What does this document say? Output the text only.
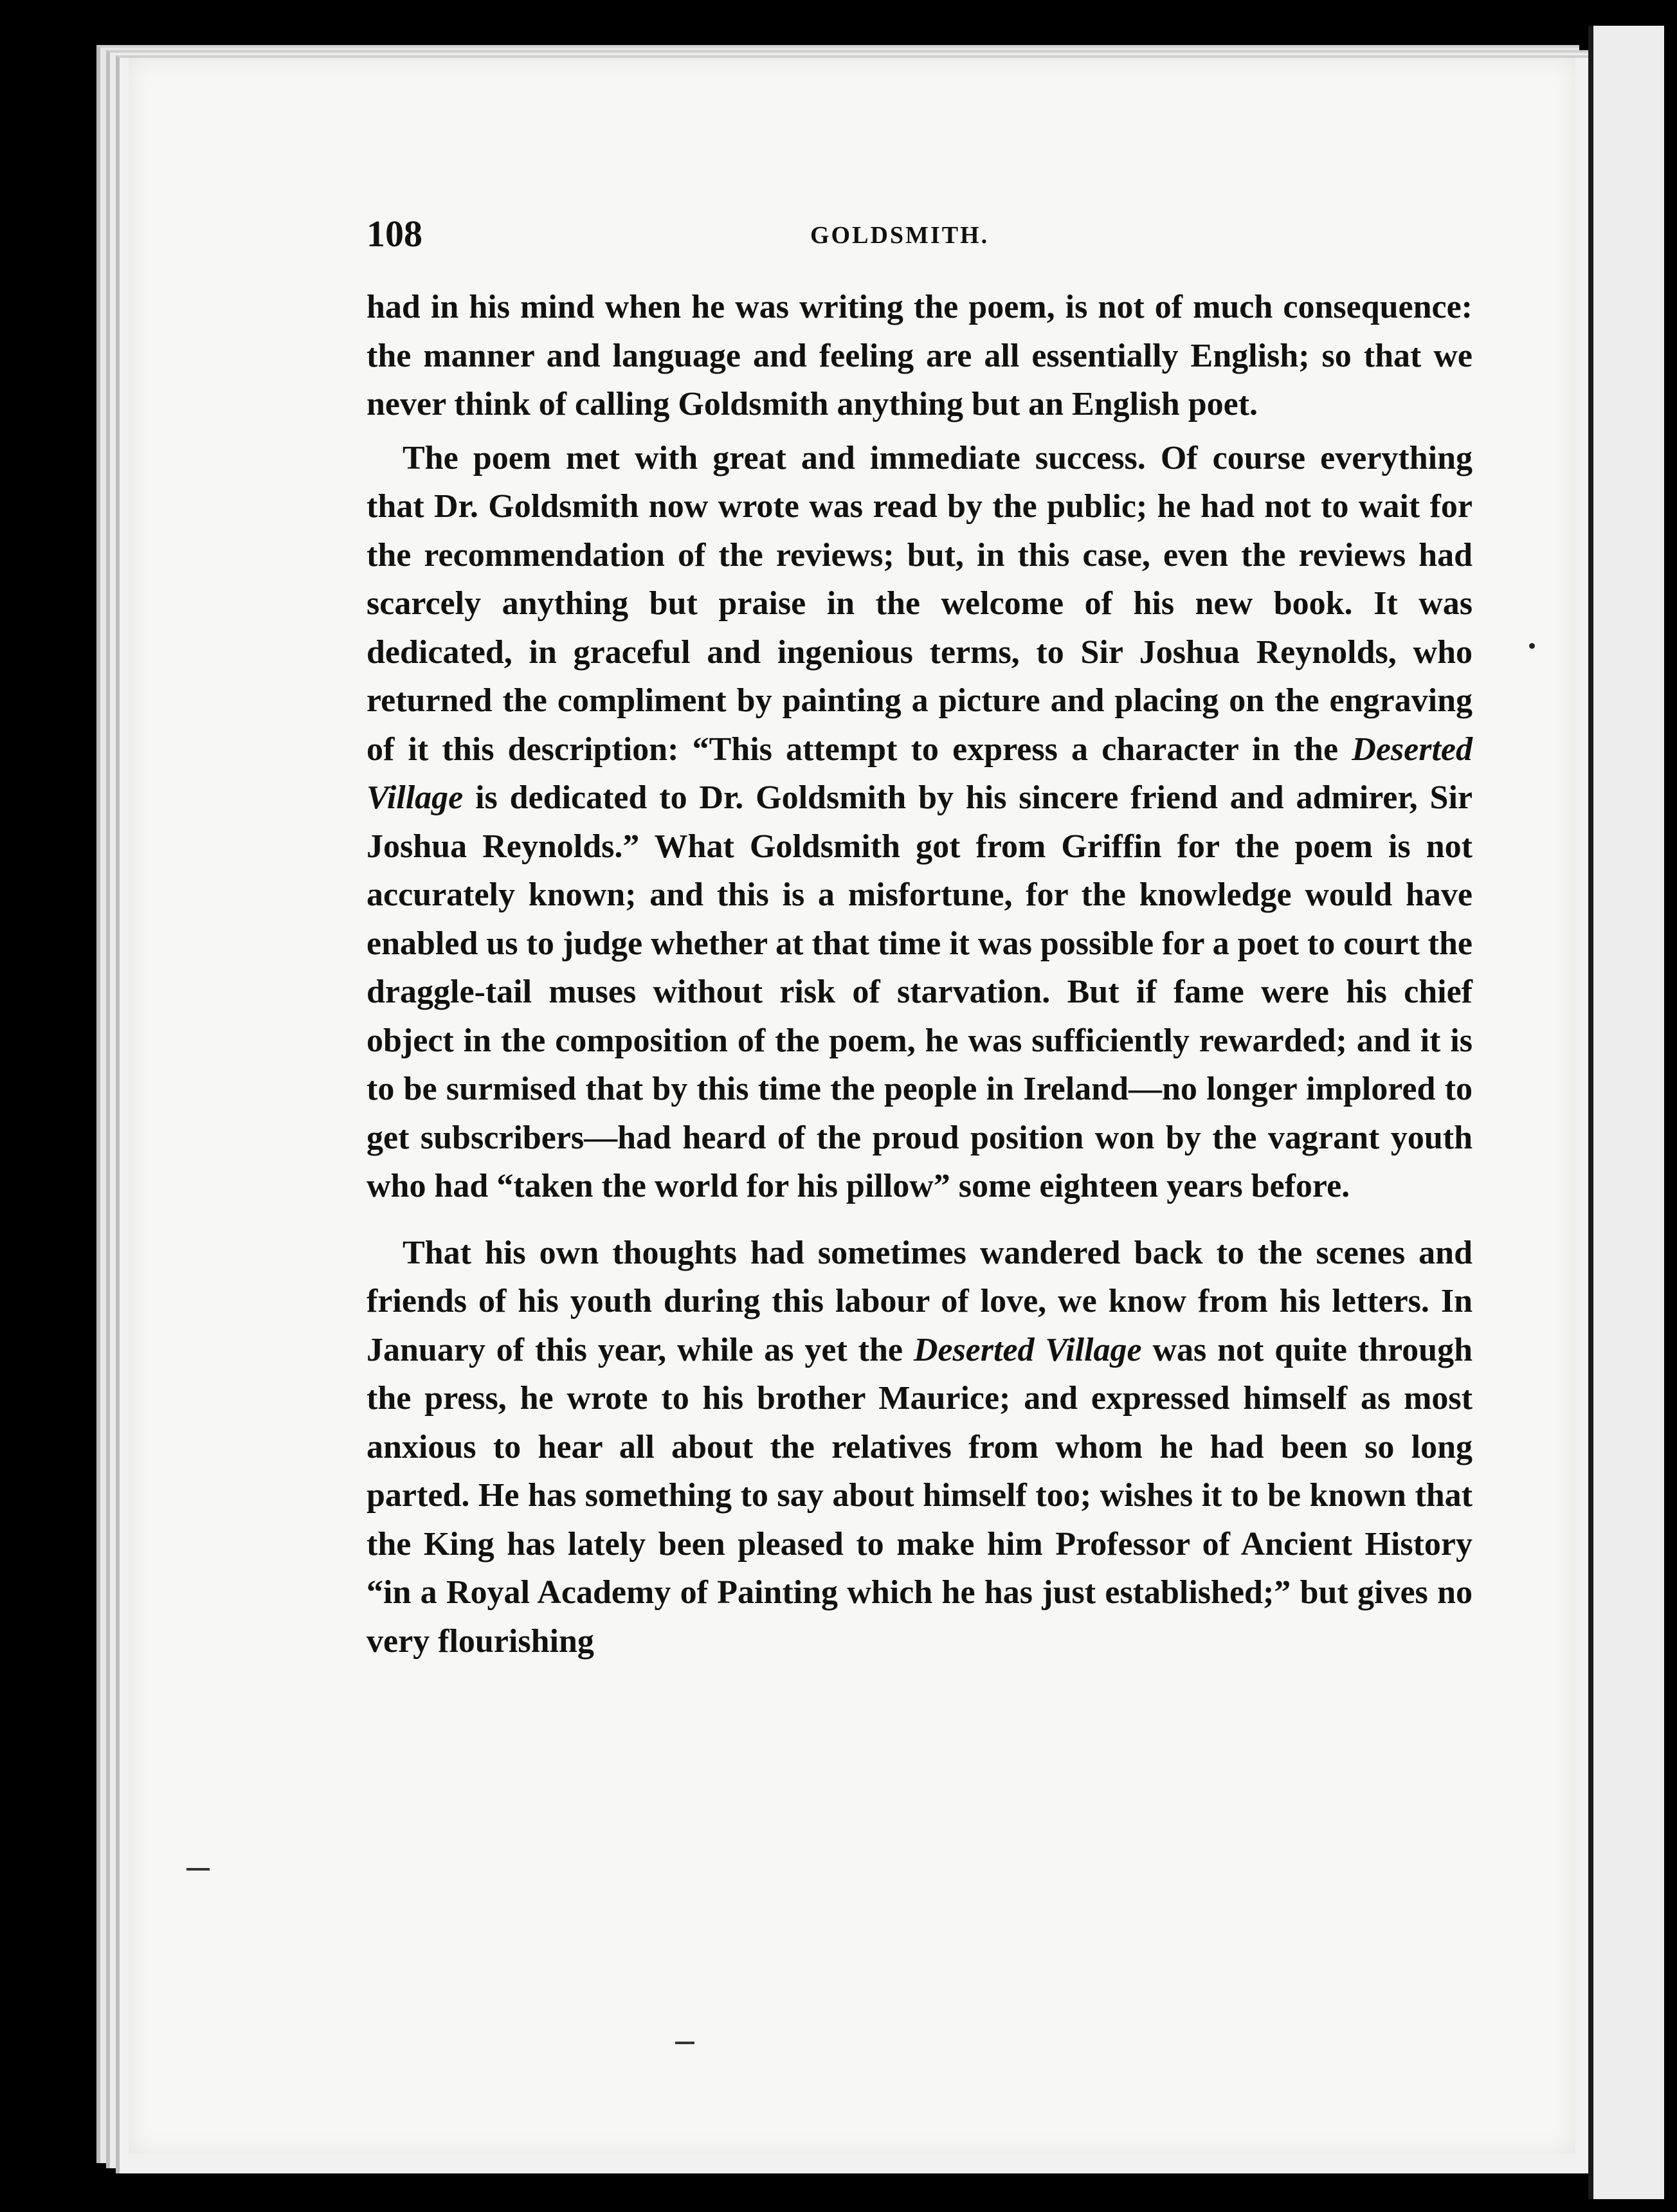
108	GOLDSMITH.

had in his mind when he was writing the poem, is not of much consequence: the manner and language and feeling are all essentially English; so that we never think of calling Goldsmith anything but an English poet.

The poem met with great and immediate success. Of course everything that Dr. Goldsmith now wrote was read by the public; he had not to wait for the recommendation of the reviews; but, in this case, even the reviews had scarcely anything but praise in the welcome of his new book. It was dedicated, in graceful and ingenious terms, to Sir Joshua Reynolds, who returned the compliment by painting a picture and placing on the engraving of it this description: “This attempt to express a character in the Deserted Village is dedicated to Dr. Goldsmith by his sincere friend and admirer, Sir Joshua Reynolds.” What Goldsmith got from Griffin for the poem is not accurately known; and this is a misfortune, for the knowledge would have enabled us to judge whether at that time it was possible for a poet to court the draggle-tail muses without risk of starvation. But if fame were his chief object in the composition of the poem, he was sufficiently rewarded; and it is to be surmised that by this time the people in Ireland—no longer implored to get subscribers—had heard of the proud position won by the vagrant youth who had “taken the world for his pillow” some eighteen years before.

That his own thoughts had sometimes wandered back to the scenes and friends of his youth during this labour of love, we know from his letters. In January of this year, while as yet the Deserted Village was not quite through the press, he wrote to his brother Maurice; and expressed himself as most anxious to hear all about the relatives from whom he had been so long parted. He has something to say about himself too; wishes it to be known that the King has lately been pleased to make him Professor of Ancient History “in a Royal Academy of Painting which he has just established;” but gives no very flourishing
